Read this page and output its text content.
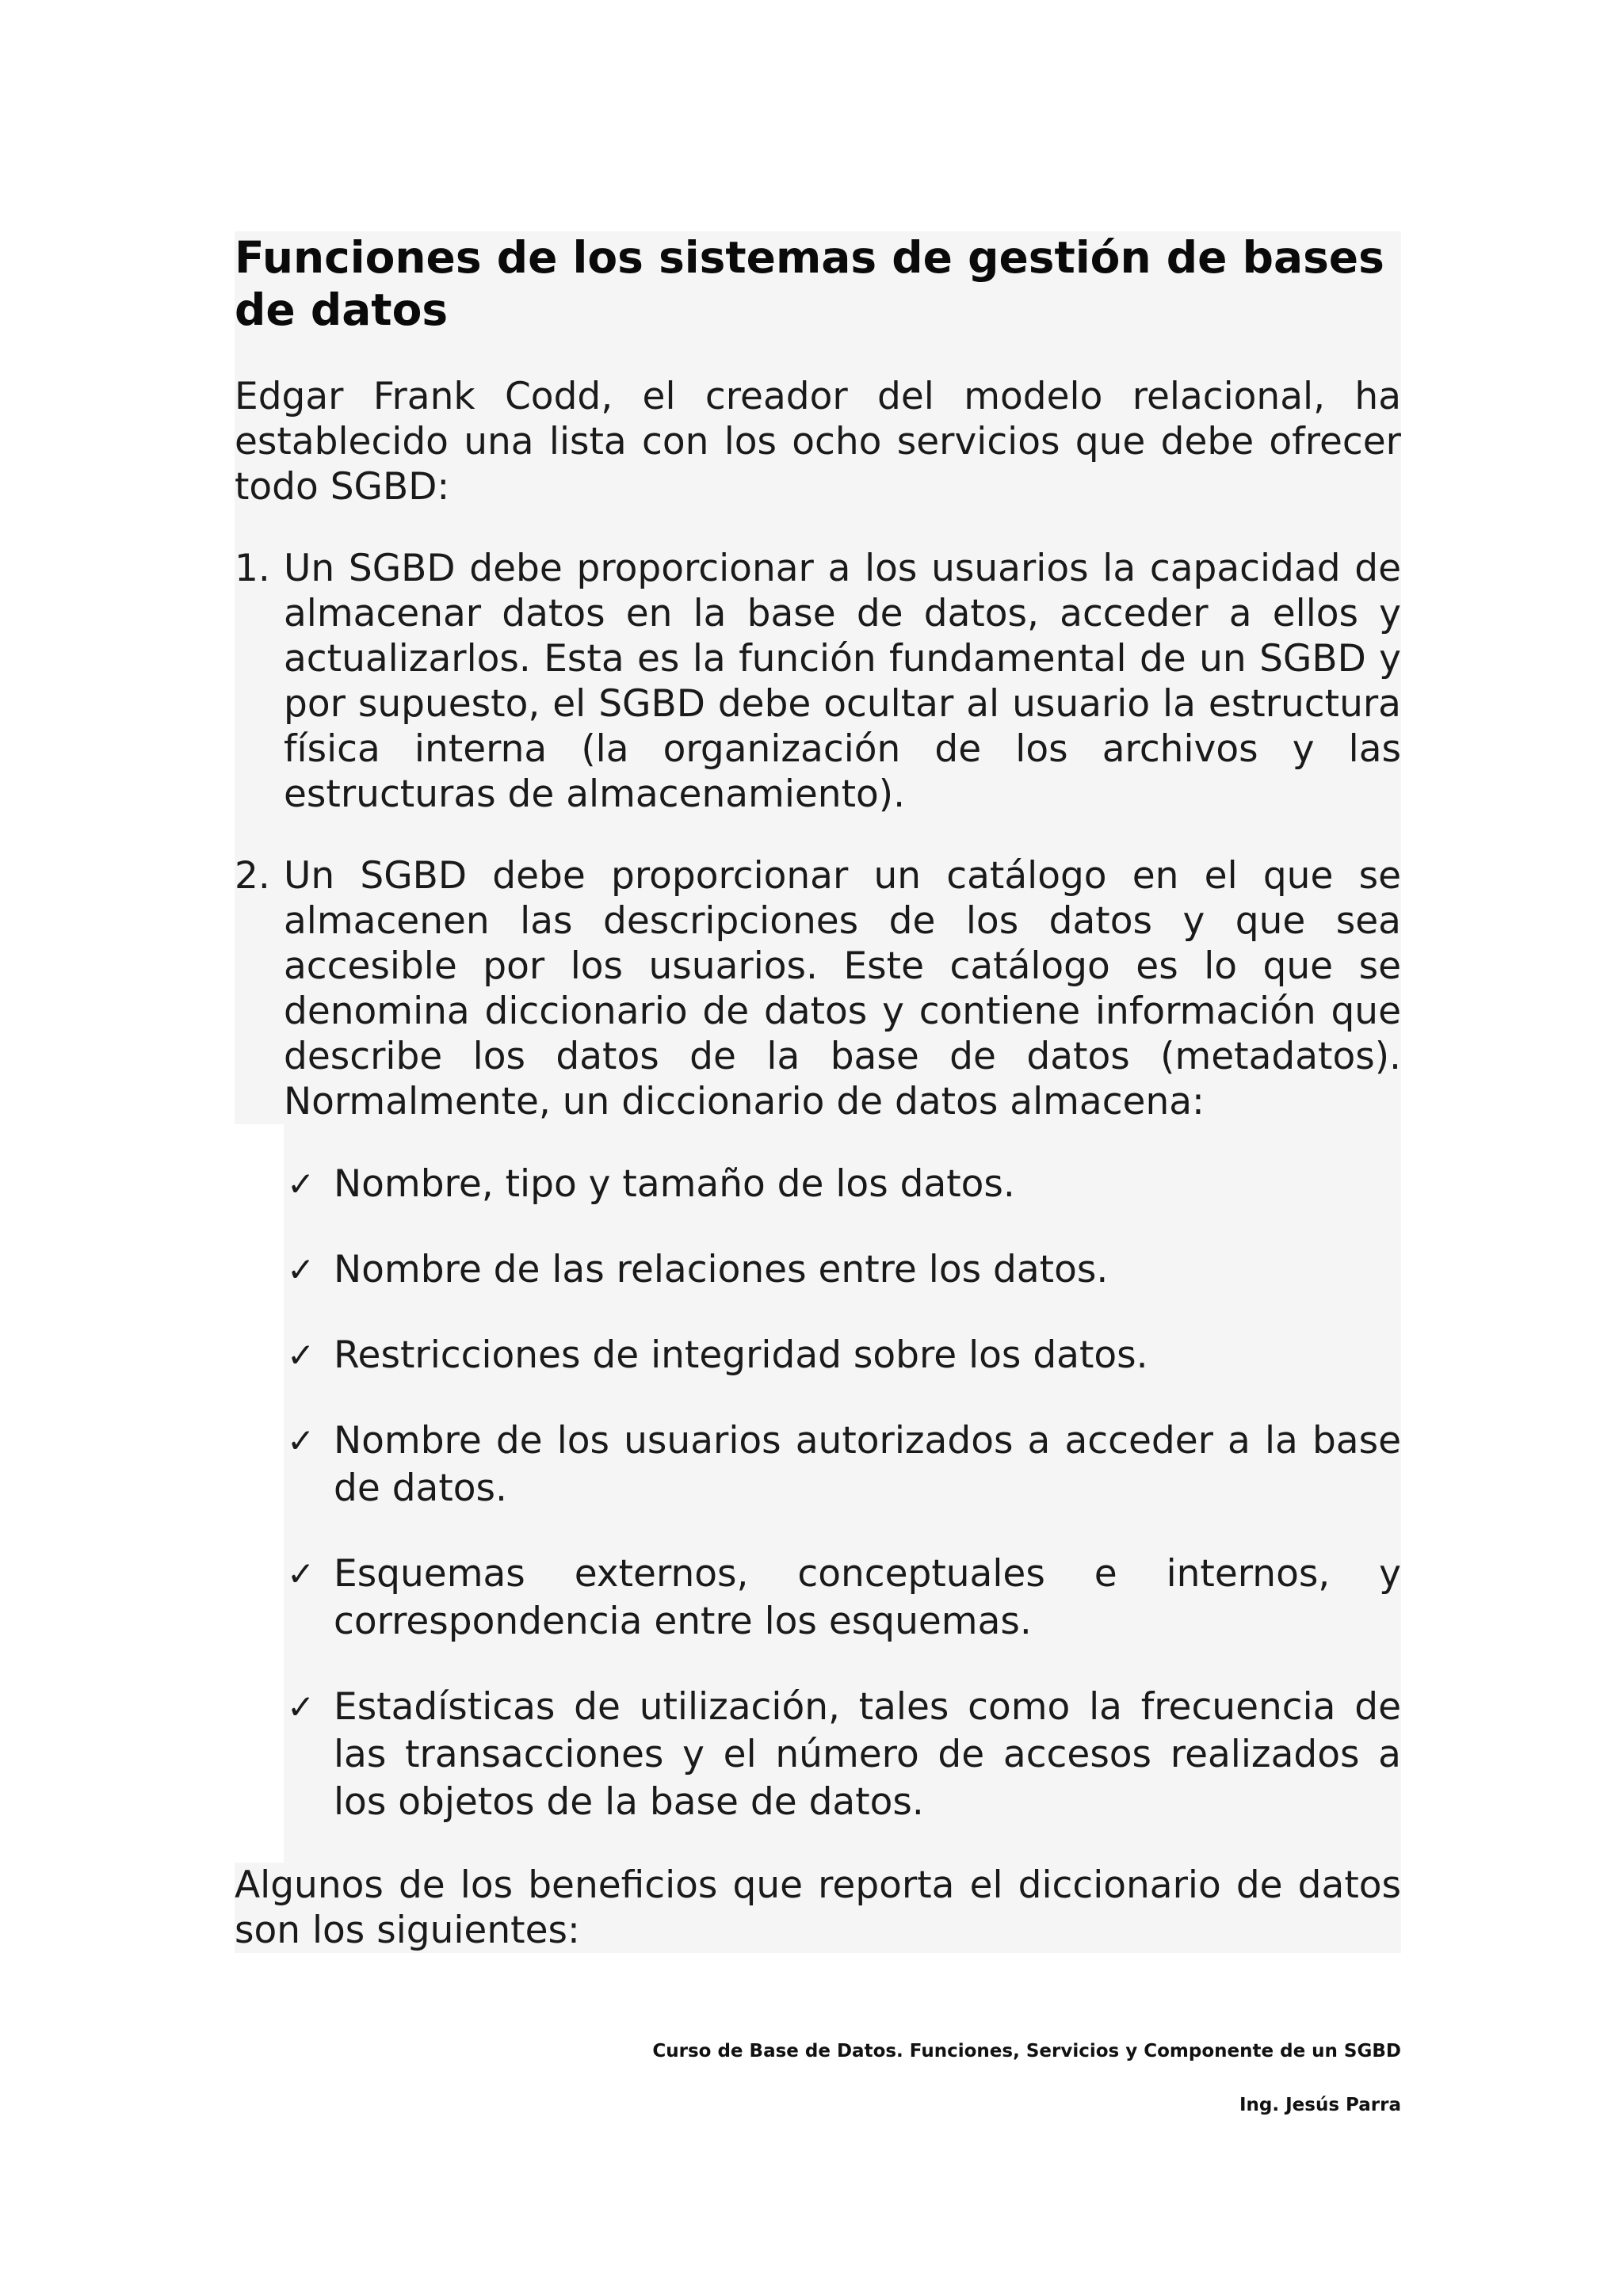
Funciones de los sistemas de gestión de bases de datos

Edgar Frank Codd, el creador del modelo relacional, ha establecido una lista con los ocho servicios que debe ofrecer todo SGBD:

1. Un SGBD debe proporcionar a los usuarios la capacidad de almacenar datos en la base de datos, acceder a ellos y actualizarlos. Esta es la función fundamental de un SGBD y por supuesto, el SGBD debe ocultar al usuario la estructura física interna (la organización de los archivos y las estructuras de almacenamiento).
2. Un SGBD debe proporcionar un catálogo en el que se almacenen las descripciones de los datos y que sea accesible por los usuarios. Este catálogo es lo que se denomina diccionario de datos y contiene información que describe los datos de la base de datos (metadatos). Normalmente, un diccionario de datos almacena:
✓ Nombre, tipo y tamaño de los datos.
✓ Nombre de las relaciones entre los datos.
✓ Restricciones de integridad sobre los datos.
✓ Nombre de los usuarios autorizados a acceder a la base de datos.
✓ Esquemas externos, conceptuales e internos, y correspondencia entre los esquemas.
✓ Estadísticas de utilización, tales como la frecuencia de las transacciones y el número de accesos realizados a los objetos de la base de datos.

Algunos de los beneficios que reporta el diccionario de datos son los siguientes:

Curso de Base de Datos. Funciones, Servicios y Componente de un SGBD
Ing. Jesús Parra
